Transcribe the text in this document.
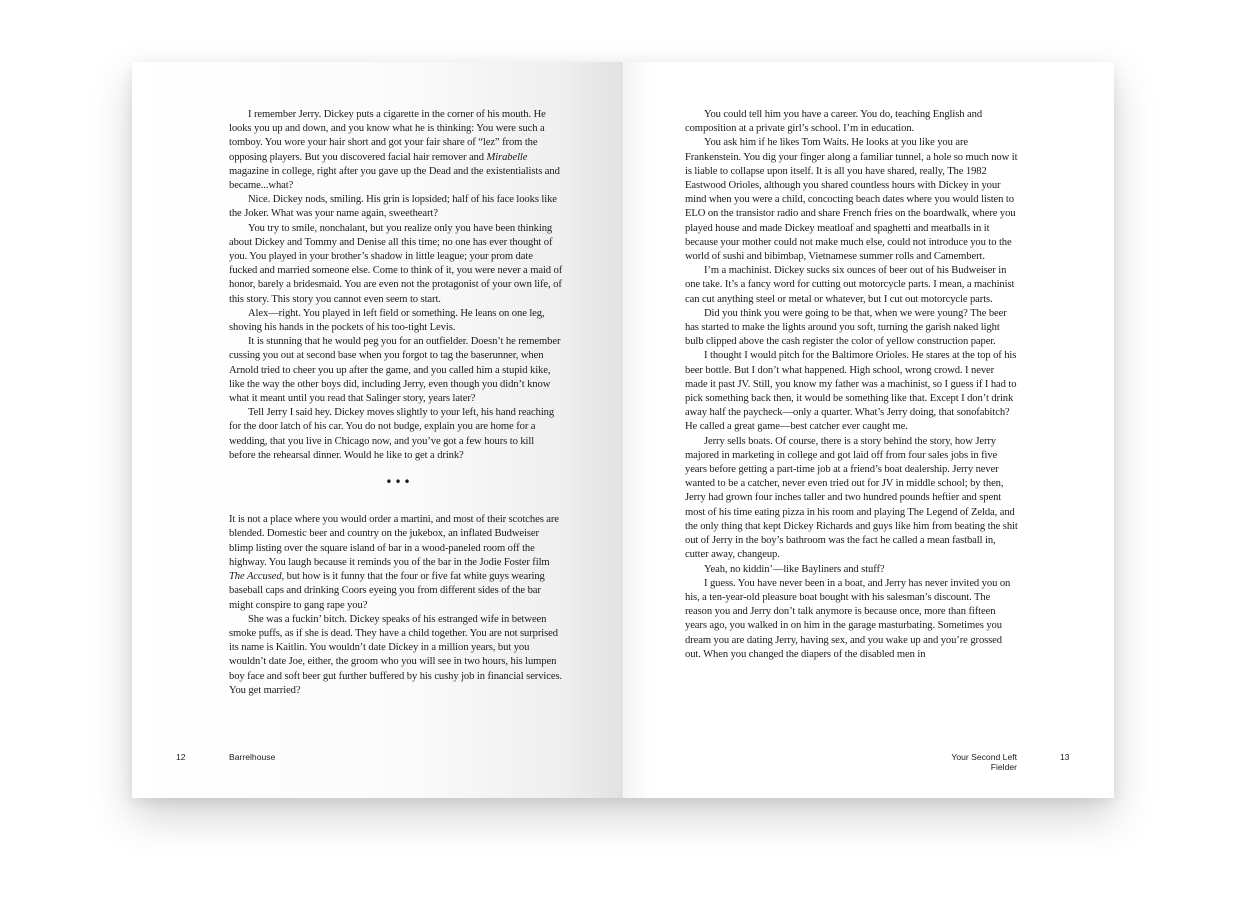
I remember Jerry. Dickey puts a cigarette in the corner of his mouth. He looks you up and down, and you know what he is thinking: You were such a tomboy. You wore your hair short and got your fair share of “lez” from the opposing players. But you discovered facial hair remover and Mirabelle magazine in college, right after you gave up the Dead and the existentialists and became...what?

Nice. Dickey nods, smiling. His grin is lopsided; half of his face looks like the Joker. What was your name again, sweetheart?

You try to smile, nonchalant, but you realize only you have been thinking about Dickey and Tommy and Denise all this time; no one has ever thought of you. You played in your brother’s shadow in little league; your prom date fucked and married someone else. Come to think of it, you were never a maid of honor, barely a bridesmaid. You are even not the protagonist of your own life, of this story. This story you cannot even seem to start.

Alex—right. You played in left field or something. He leans on one leg, shoving his hands in the pockets of his too-tight Levis.

It is stunning that he would peg you for an outfielder. Doesn’t he remember cussing you out at second base when you forgot to tag the baserunner, when Arnold tried to cheer you up after the game, and you called him a stupid kike, like the way the other boys did, including Jerry, even though you didn’t know what it meant until you read that Salinger story, years later?

Tell Jerry I said hey. Dickey moves slightly to your left, his hand reaching for the door latch of his car. You do not budge, explain you are home for a wedding, that you live in Chicago now, and you’ve got a few hours to kill before the rehearsal dinner. Would he like to get a drink?

•••

It is not a place where you would order a martini, and most of their scotches are blended. Domestic beer and country on the jukebox, an inflated Budweiser blimp listing over the square island of bar in a wood-paneled room off the highway. You laugh because it reminds you of the bar in the Jodie Foster film The Accused, but how is it funny that the four or five fat white guys wearing baseball caps and drinking Coors eyeing you from different sides of the bar might conspire to gang rape you?

She was a fuckin’ bitch. Dickey speaks of his estranged wife in between smoke puffs, as if she is dead. They have a child together. You are not surprised its name is Kaitlin. You wouldn’t date Dickey in a million years, but you wouldn’t date Joe, either, the groom who you will see in two hours, his lumpen boy face and soft beer gut further buffered by his cushy job in financial services. You get married?

12	Barrelhouse

You could tell him you have a career. You do, teaching English and composition at a private girl’s school. I’m in education.

You ask him if he likes Tom Waits. He looks at you like you are Frankenstein. You dig your finger along a familiar tunnel, a hole so much now it is liable to collapse upon itself. It is all you have shared, really, The 1982 Eastwood Orioles, although you shared countless hours with Dickey in your mind when you were a child, concocting beach dates where you would listen to ELO on the transistor radio and share French fries on the boardwalk, where you played house and made Dickey meatloaf and spaghetti and meatballs in it because your mother could not make much else, could not introduce you to the world of sushi and bibimbap, Vietnamese summer rolls and Camembert.

I’m a machinist. Dickey sucks six ounces of beer out of his Budweiser in one take. It’s a fancy word for cutting out motorcycle parts. I mean, a machinist can cut anything steel or metal or whatever, but I cut out motorcycle parts.

Did you think you were going to be that, when we were young? The beer has started to make the lights around you soft, turning the garish naked light bulb clipped above the cash register the color of yellow construction paper.

I thought I would pitch for the Baltimore Orioles. He stares at the top of his beer bottle. But I don’t what happened. High school, wrong crowd. I never made it past JV. Still, you know my father was a machinist, so I guess if I had to pick something back then, it would be something like that. Except I don’t drink away half the paycheck—only a quarter. What’s Jerry doing, that sonofabitch? He called a great game—best catcher ever caught me.

Jerry sells boats. Of course, there is a story behind the story, how Jerry majored in marketing in college and got laid off from four sales jobs in five years before getting a part-time job at a friend’s boat dealership. Jerry never wanted to be a catcher, never even tried out for JV in middle school; by then, Jerry had grown four inches taller and two hundred pounds heftier and spent most of his time eating pizza in his room and playing The Legend of Zelda, and the only thing that kept Dickey Richards and guys like him from beating the shit out of Jerry in the boy’s bathroom was the fact he called a mean fastball in, cutter away, changeup.

Yeah, no kiddin’—like Bayliners and stuff?

I guess. You have never been in a boat, and Jerry has never invited you on his, a ten-year-old pleasure boat bought with his salesman’s discount. The reason you and Jerry don’t talk anymore is because once, more than fifteen years ago, you walked in on him in the garage masturbating. Sometimes you dream you are dating Jerry, having sex, and you wake up and you’re grossed out. When you changed the diapers of the disabled men in

Your Second Left Fielder
13
